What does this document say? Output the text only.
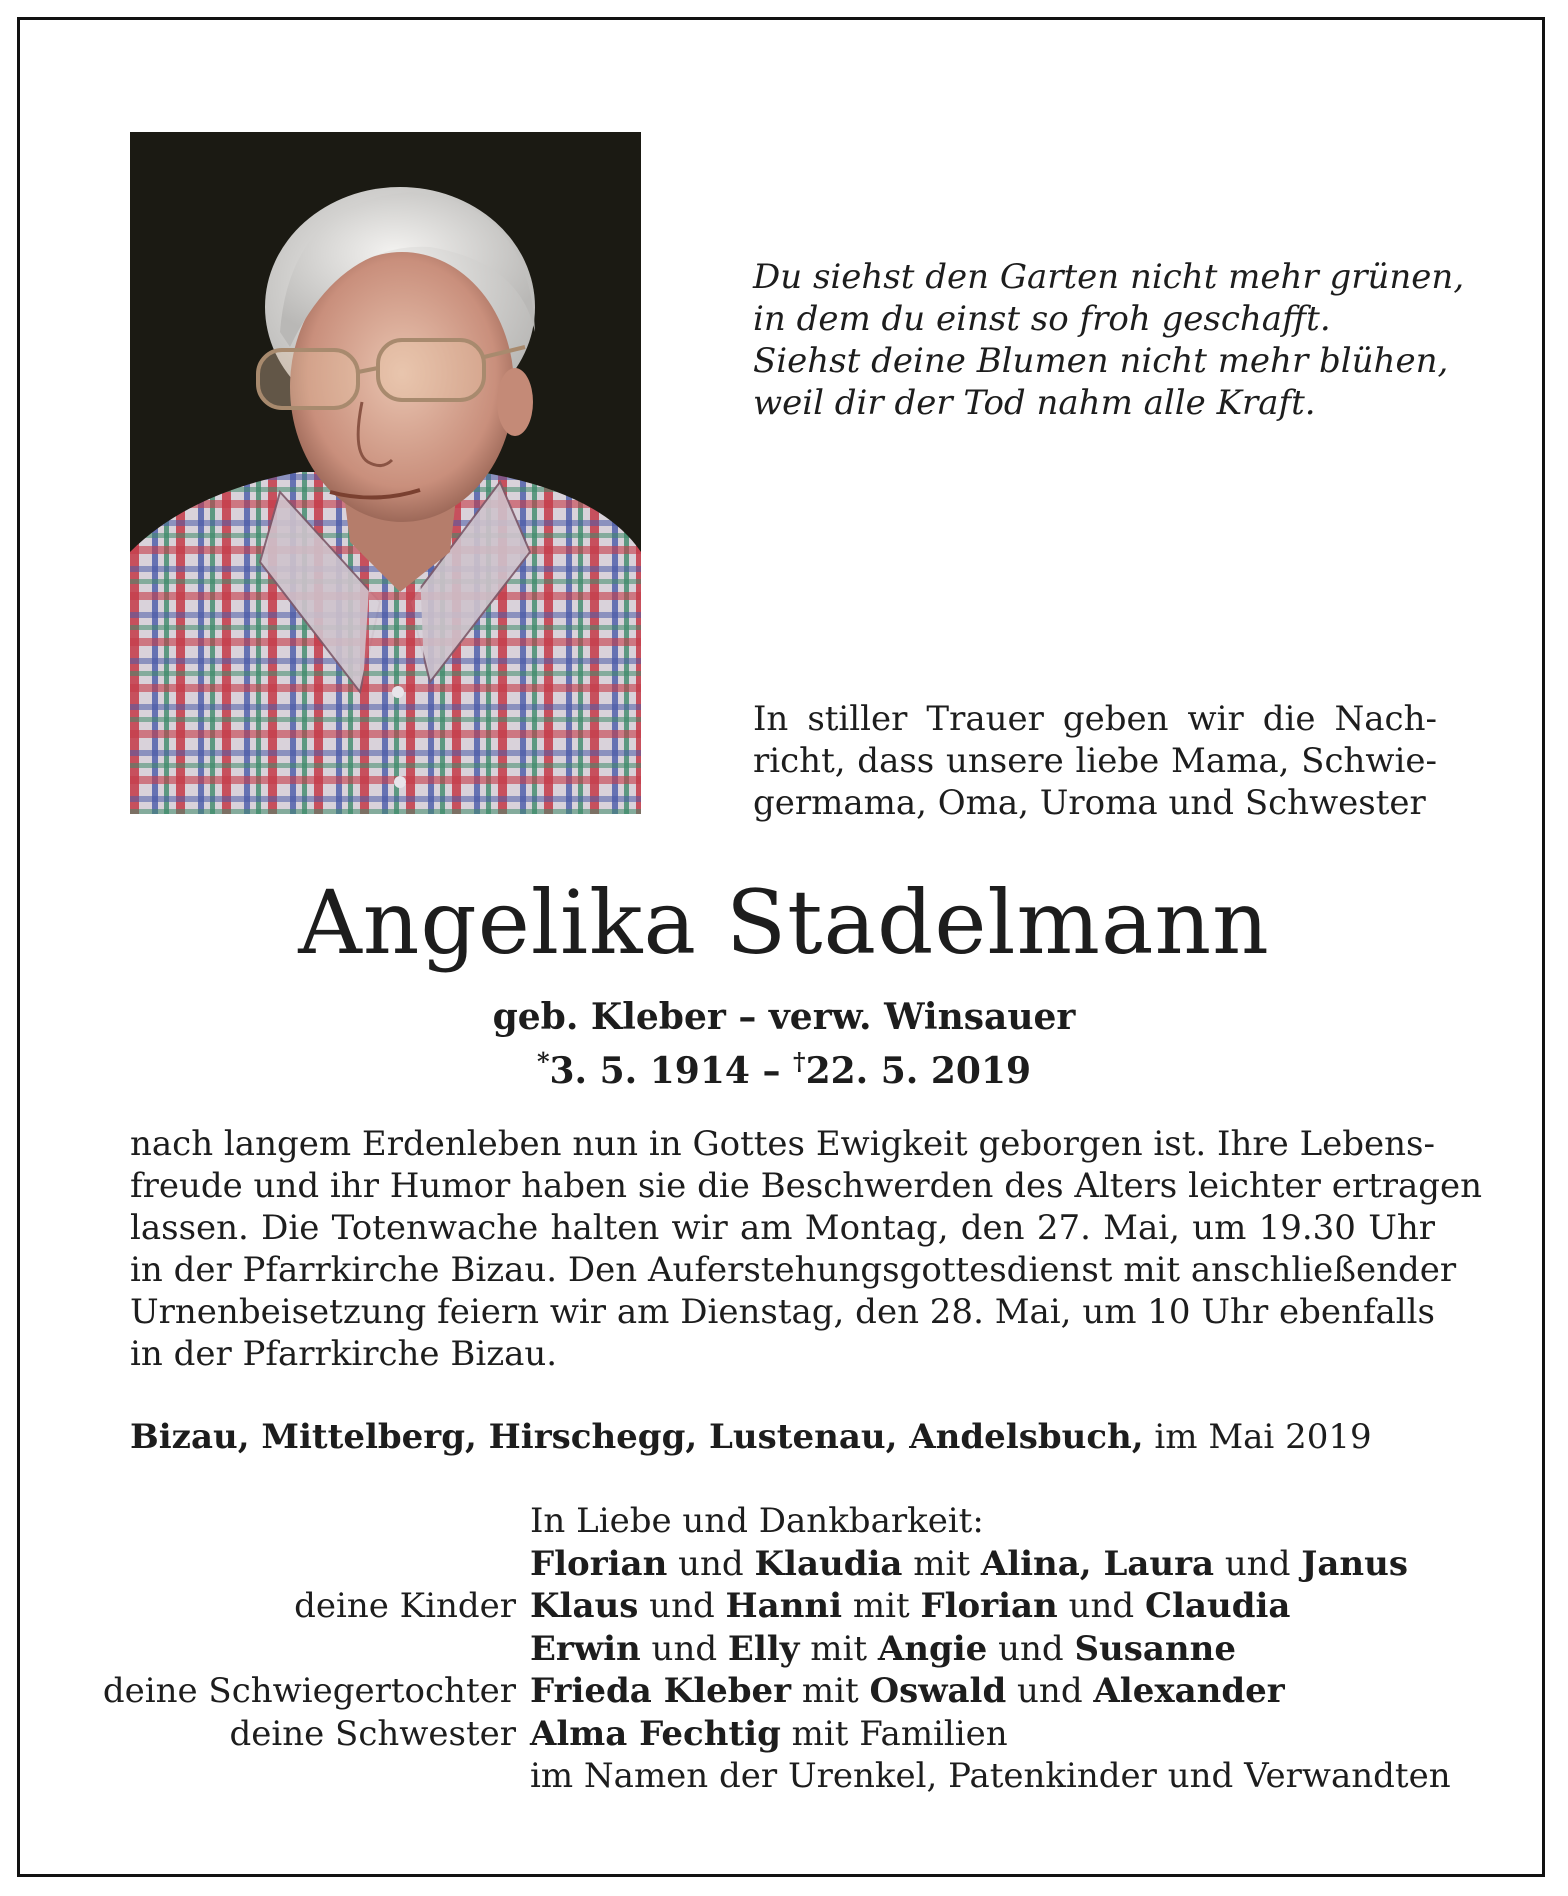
Du siehst den Garten nicht mehr grünen,
in dem du einst so froh geschafft.
Siehst deine Blumen nicht mehr blühen,
weil dir der Tod nahm alle Kraft.
In stiller Trauer geben wir die Nach-
richt, dass unsere liebe Mama, Schwie-
germama, Oma, Uroma und Schwester
Angelika Stadelmann
geb. Kleber – verw. Winsauer
*3. 5. 1914 – †22. 5. 2019
nach langem Erdenleben nun in Gottes Ewigkeit geborgen ist. Ihre Lebens-
freude und ihr Humor haben sie die Beschwerden des Alters leichter ertragen
lassen. Die Totenwache halten wir am Montag, den 27. Mai, um 19.30 Uhr
in der Pfarrkirche Bizau. Den Auferstehungsgottesdienst mit anschließender
Urnenbeisetzung feiern wir am Dienstag, den 28. Mai, um 10 Uhr ebenfalls
in der Pfarrkirche Bizau.
Bizau, Mittelberg, Hirschegg, Lustenau, Andelsbuch, im Mai 2019
In Liebe und Dankbarkeit:
Florian und Klaudia mit Alina, Laura und Janus
deine Kinder Klaus und Hanni mit Florian und Claudia
Erwin und Elly mit Angie und Susanne
deine Schwiegertochter Frieda Kleber mit Oswald und Alexander
deine Schwester Alma Fechtig mit Familien
im Namen der Urenkel, Patenkinder und Verwandten
